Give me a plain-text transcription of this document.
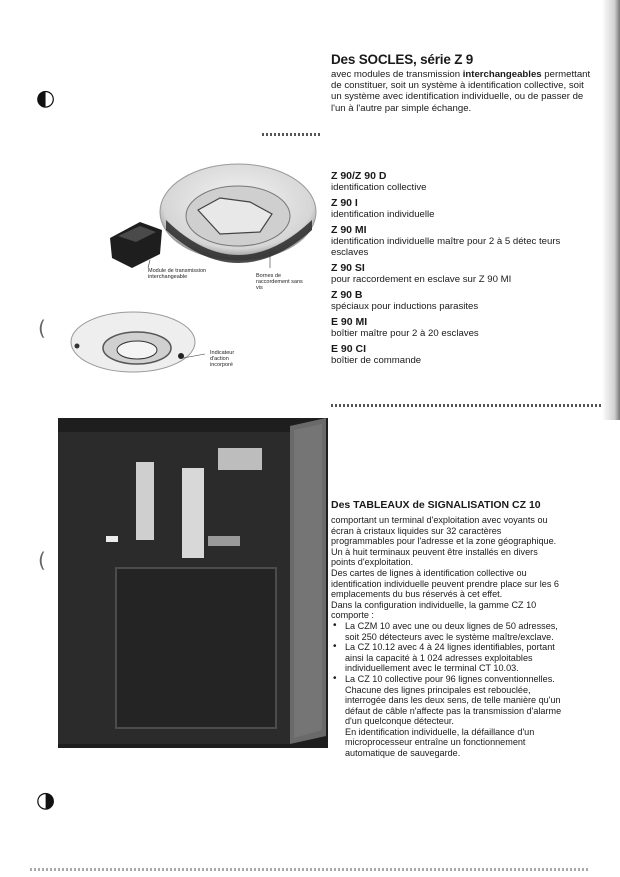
◐
(
(
◑
Des SOCLES, série Z 9
avec modules de transmission interchangeables permettant de constituer, soit un système à identification collective, soit un système avec identification individuelle, ou de passer de l'un à l'autre par simple échange.
Z 90/Z 90 D
identification collective
Z 90 I
identification individuelle
Z 90 MI
identification individuelle maître pour 2 à 5 détec teurs esclaves
Z 90 SI
pour raccordement en esclave sur Z 90 MI
Z 90 B
spéciaux pour inductions parasites
E 90 MI
boîtier maître pour 2 à 20 esclaves
E 90 CI
boîtier de commande
Module de transmission interchangeable	Bornes de raccordement sans vis
Indicateur d'action incorporé
Des TABLEAUX de SIGNALISATION CZ 10

comportant un terminal d'exploitation avec voyants ou écran à cristaux liquides sur 32 caractères programmables pour l'adresse et la zone géographique.

Un à huit terminaux peuvent être installés en divers points d'exploitation.

Des cartes de lignes à identification collective ou identification individuelle peuvent prendre place sur les 6 emplacements du bus réservés à cet effet.

Dans la configuration individuelle, la gamme CZ 10 comporte :

• La CZM 10 avec une ou deux lignes de 50 adresses, soit 250 détecteurs avec le système maître/exclave.
• La CZ 10.12 avec 4 à 24 lignes identifiables, portant ainsi la capacité à 1 024 adresses exploitables individuellement avec le terminal CT 10.03.
• La CZ 10 collective pour 96 lignes conventionnelles.

Chacune des lignes principales est rebouclée, interrogée dans les deux sens, de telle manière qu'un défaut de câble n'affecte pas la transmission d'alarme d'un quelconque détecteur.

En identification individuelle, la défaillance d'un microprocesseur entraîne un fonctionnement automatique de sauvegarde.
